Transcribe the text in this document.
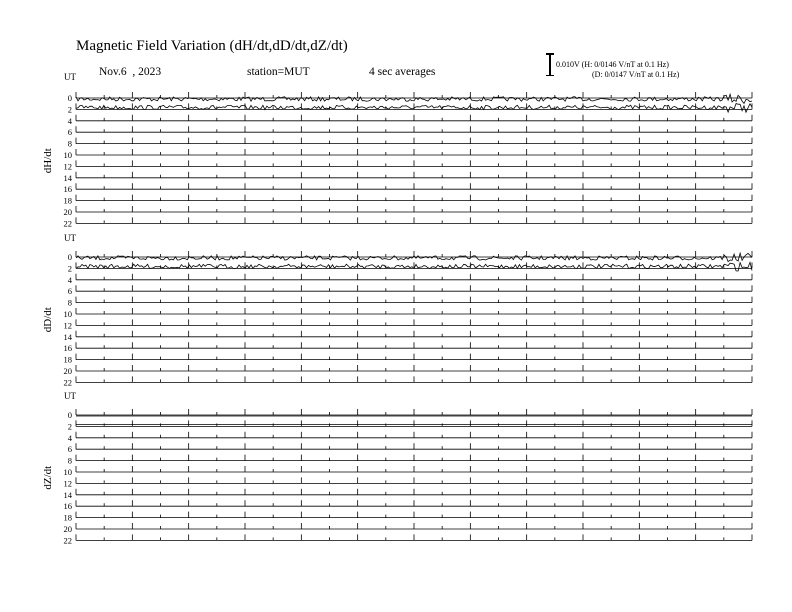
Magnetic Field Variation (dH/dt,dD/dt,dZ/dt)
Nov.6  , 2023	station=MUT	4 sec averages
0.010V (H: 0/0146 V/nT at 0.1 Hz)
(D: 0/0147 V/nT at 0.1 Hz)
UT
dH/dt
0
2
4
6
8
10
12
14
16
18
20
22
UT
dD/dt
0
2
4
6
8
10
12
14
16
18
20
22
UT
dZ/dt
0
2
4
6
8
10
12
14
16
18
20
22
